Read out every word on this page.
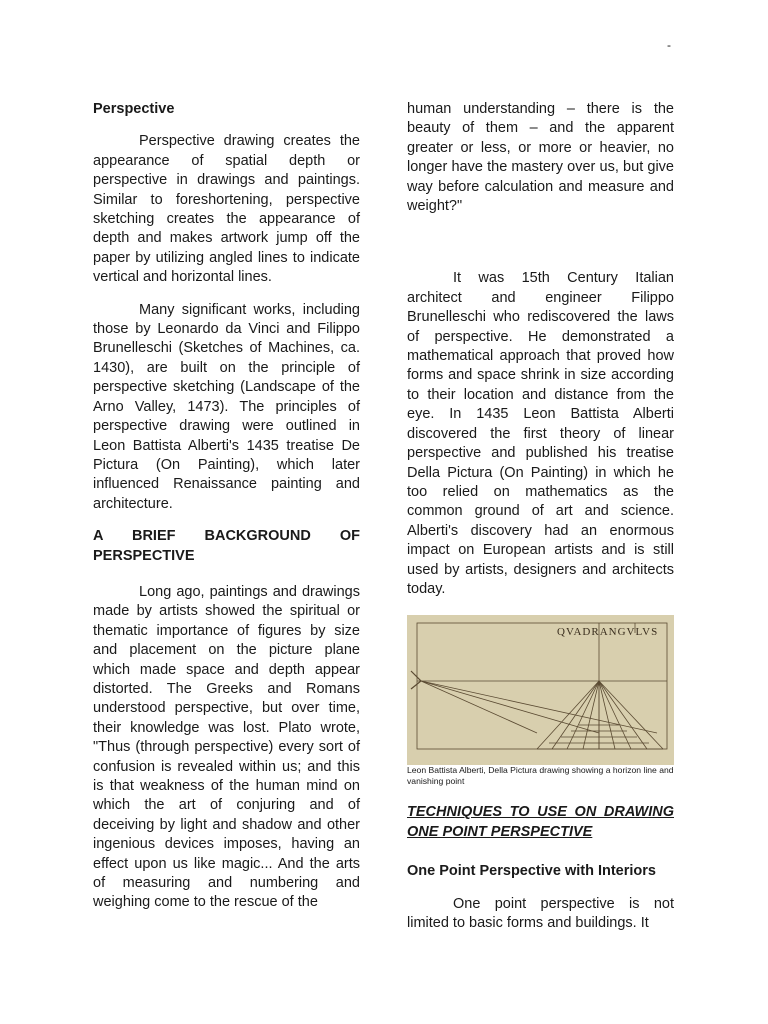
-

Perspective

Perspective drawing creates the appearance of spatial depth or perspective in drawings and paintings. Similar to foreshortening, perspective sketching creates the appearance of depth and makes artwork jump off the paper by utilizing angled lines to indicate vertical and horizontal lines.

Many significant works, including those by Leonardo da Vinci and Filippo Brunelleschi (Sketches of Machines, ca. 1430), are built on the principle of perspective sketching (Landscape of the Arno Valley, 1473). The principles of perspective drawing were outlined in Leon Battista Alberti's 1435 treatise De Pictura (On Painting), which later influenced Renaissance painting and architecture.

A BRIEF BACKGROUND OF PERSPECTIVE

Long ago, paintings and drawings made by artists showed the spiritual or thematic importance of figures by size and placement on the picture plane which made space and depth appear distorted. The Greeks and Romans understood perspective, but over time, their knowledge was lost. Plato wrote, "Thus (through perspective) every sort of confusion is revealed within us; and this is that weakness of the human mind on which the art of conjuring and of deceiving by light and shadow and other ingenious devices imposes, having an effect upon us like magic... And the arts of measuring and numbering and weighing come to the rescue of the

human understanding – there is the beauty of them – and the apparent greater or less, or more or heavier, no longer have the mastery over us, but give way before calculation and measure and weight?"

It was 15th Century Italian architect and engineer Filippo Brunelleschi who rediscovered the laws of perspective. He demonstrated a mathematical approach that proved how forms and space shrink in size according to their location and distance from the eye. In 1435 Leon Battista Alberti discovered the first theory of linear perspective and published his treatise Della Pictura (On Painting) in which he too relied on mathematics as the common ground of art and science. Alberti's discovery had an enormous impact on European artists and is still used by artists, designers and architects today.

QVADRANGVLVS

Leon Battista Alberti, Della Pictura drawing showing a horizon line and vanishing point

TECHNIQUES TO USE ON DRAWING ONE POINT PERSPECTIVE

One Point Perspective with Interiors

One point perspective is not limited to basic forms and buildings. It
